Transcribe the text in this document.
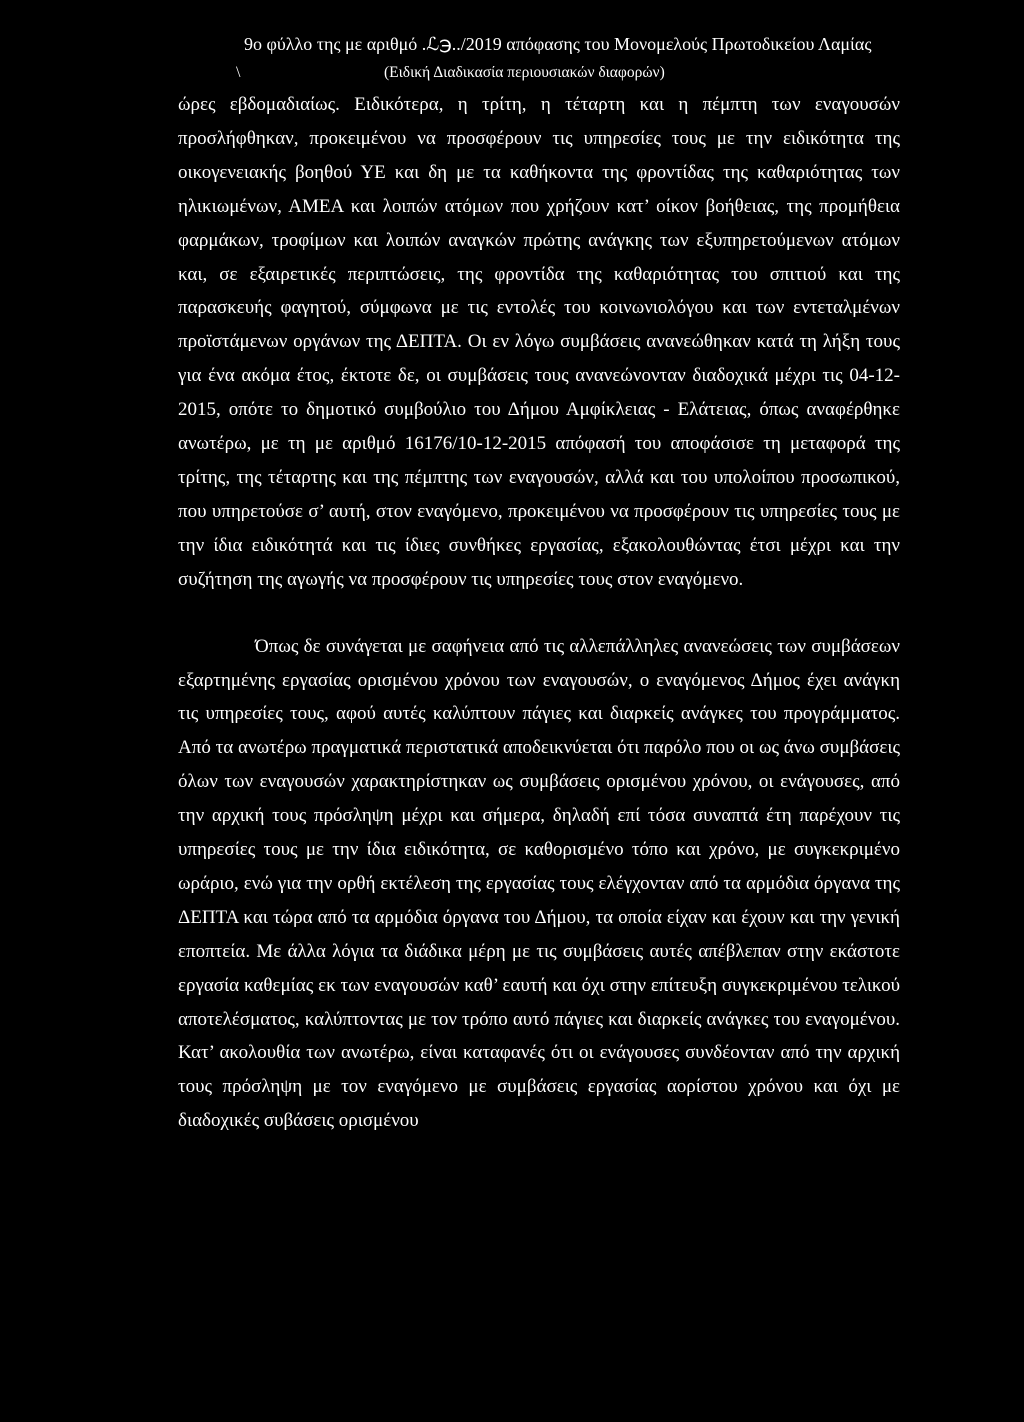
9ο φύλλο της με αριθμό .ℒ℈../2019 απόφασης του Μονομελούς Πρωτοδικείου Λαμίας
(Ειδική Διαδικασία περιουσιακών διαφορών)
\

ώρες εβδομαδιαίως. Ειδικότερα, η τρίτη, η τέταρτη και η πέμπτη των εναγουσών προσλήφθηκαν, προκειμένου να προσφέρουν τις υπηρεσίες τους με την ειδικότητα της οικογενειακής βοηθού ΥΕ και δη με τα καθήκοντα της φροντίδας της καθαριότητας των ηλικιωμένων, ΑΜΕΑ και λοιπών ατόμων που χρήζουν κατ’ οίκον βοήθειας, της προμήθεια φαρμάκων, τροφίμων και λοιπών αναγκών πρώτης ανάγκης των εξυπηρετούμενων ατόμων και, σε εξαιρετικές περιπτώσεις, της φροντίδα της καθαριότητας του σπιτιού και της παρασκευής φαγητού, σύμφωνα με τις εντολές του κοινωνιολόγου και των εντεταλμένων προϊστάμενων οργάνων της ΔΕΠΤΑ. Οι εν λόγω συμβάσεις ανανεώθηκαν κατά τη λήξη τους για ένα ακόμα έτος, έκτοτε δε, οι συμβάσεις τους ανανεώνονταν διαδοχικά μέχρι τις 04-12-2015, οπότε το δημοτικό συμβούλιο του Δήμου Αμφίκλειας - Ελάτειας, όπως αναφέρθηκε ανωτέρω, με τη με αριθμό 16176/10-12-2015 απόφασή του αποφάσισε τη μεταφορά της τρίτης, της τέταρτης και της πέμπτης των εναγουσών, αλλά και του υπολοίπου προσωπικού, που υπηρετούσε σ’ αυτή, στον εναγόμενο, προκειμένου να προσφέρουν τις υπηρεσίες τους με την ίδια ειδικότητά και τις ίδιες συνθήκες εργασίας, εξακολουθώντας έτσι μέχρι και την συζήτηση της αγωγής να προσφέρουν τις υπηρεσίες τους στον εναγόμενο.

Όπως δε συνάγεται με σαφήνεια από τις αλλεπάλληλες ανανεώσεις των συμβάσεων εξαρτημένης εργασίας ορισμένου χρόνου των εναγουσών, ο εναγόμενος Δήμος έχει ανάγκη τις υπηρεσίες τους, αφού αυτές καλύπτουν πάγιες και διαρκείς ανάγκες του προγράμματος. Από τα ανωτέρω πραγματικά περιστατικά αποδεικνύεται ότι παρόλο που οι ως άνω συμβάσεις όλων των εναγουσών χαρακτηρίστηκαν ως συμβάσεις ορισμένου χρόνου, οι ενάγουσες, από την αρχική τους πρόσληψη μέχρι και σήμερα, δηλαδή επί τόσα συναπτά έτη παρέχουν τις υπηρεσίες τους με την ίδια ειδικότητα, σε καθορισμένο τόπο και χρόνο, με συγκεκριμένο ωράριο, ενώ για την ορθή εκτέλεση της εργασίας τους ελέγχονταν από τα αρμόδια όργανα της ΔΕΠΤΑ και τώρα από τα αρμόδια όργανα του Δήμου, τα οποία είχαν και έχουν και την γενική εποπτεία. Με άλλα λόγια τα διάδικα μέρη με τις συμβάσεις αυτές απέβλεπαν στην εκάστοτε εργασία καθεμίας εκ των εναγουσών καθ’ εαυτή και όχι στην επίτευξη συγκεκριμένου τελικού αποτελέσματος, καλύπτοντας με τον τρόπο αυτό πάγιες και διαρκείς ανάγκες του εναγομένου. Κατ’ ακολουθία των ανωτέρω, είναι καταφανές ότι οι ενάγουσες συνδέονταν από την αρχική τους πρόσληψη με τον εναγόμενο με συμβάσεις εργασίας αορίστου χρόνου και όχι με διαδοχικές συβάσεις ορισμένου
